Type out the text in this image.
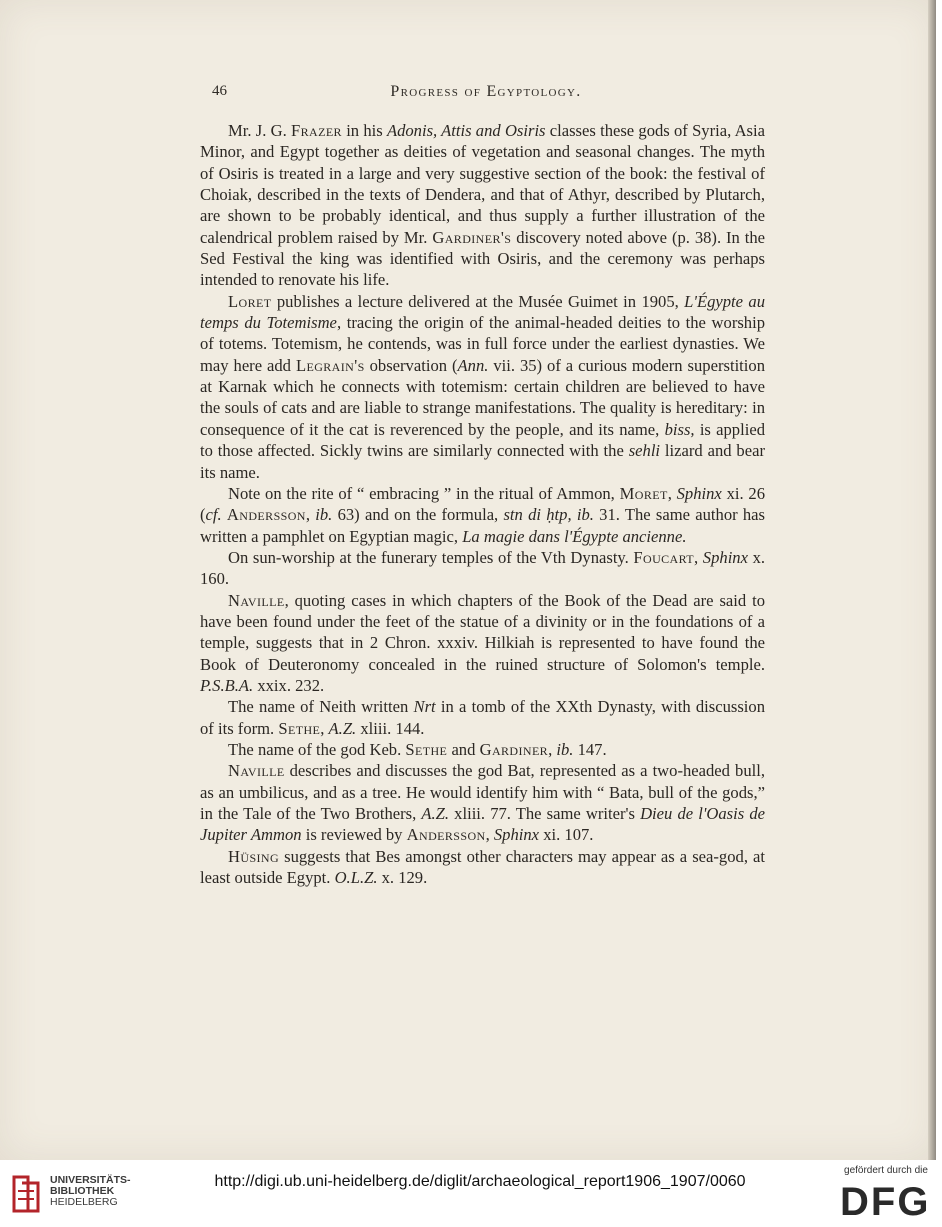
46	Progress of Egyptology.

Mr. J. G. Frazer in his Adonis, Attis and Osiris classes these gods of Syria, Asia Minor, and Egypt together as deities of vegetation and seasonal changes. The myth of Osiris is treated in a large and very suggestive section of the book: the festival of Choiak, described in the texts of Dendera, and that of Athyr, described by Plutarch, are shown to be probably identical, and thus supply a further illustration of the calendrical problem raised by Mr. Gardiner's discovery noted above (p. 38). In the Sed Festival the king was identified with Osiris, and the ceremony was perhaps intended to renovate his life.

Loret publishes a lecture delivered at the Musée Guimet in 1905, L'Égypte au temps du Totemisme, tracing the origin of the animal-headed deities to the worship of totems. Totemism, he contends, was in full force under the earliest dynasties. We may here add Legrain's observation (Ann. vii. 35) of a curious modern superstition at Karnak which he connects with totemism: certain children are believed to have the souls of cats and are liable to strange manifestations. The quality is hereditary: in consequence of it the cat is reverenced by the people, and its name, biss, is applied to those affected. Sickly twins are similarly connected with the sehli lizard and bear its name.

Note on the rite of “ embracing ” in the ritual of Ammon, Moret, Sphinx xi. 26 (cf. Andersson, ib. 63) and on the formula, stn di ḥtp, ib. 31. The same author has written a pamphlet on Egyptian magic, La magie dans l'Égypte ancienne.

On sun-worship at the funerary temples of the Vth Dynasty. Foucart, Sphinx x. 160.

Naville, quoting cases in which chapters of the Book of the Dead are said to have been found under the feet of the statue of a divinity or in the foundations of a temple, suggests that in 2 Chron. xxxiv. Hilkiah is represented to have found the Book of Deuteronomy concealed in the ruined structure of Solomon's temple. P.S.B.A. xxix. 232.

The name of Neith written Nrt in a tomb of the XXth Dynasty, with discussion of its form. Sethe, A.Z. xliii. 144.

The name of the god Keb. Sethe and Gardiner, ib. 147.

Naville describes and discusses the god Bat, represented as a two-headed bull, as an umbilicus, and as a tree. He would identify him with “ Bata, bull of the gods,” in the Tale of the Two Brothers, A.Z. xliii. 77. The same writer's Dieu de l'Oasis de Jupiter Ammon is reviewed by Andersson, Sphinx xi. 107.

Hüsing suggests that Bes amongst other characters may appear as a sea-god, at least outside Egypt. O.L.Z. x. 129.

UNIVERSITÄTS-
BIBLIOTHEK
HEIDELBERG
http://digi.ub.uni-heidelberg.de/diglit/archaeological_report1906_1907/0060
gefördert durch die
DFG
